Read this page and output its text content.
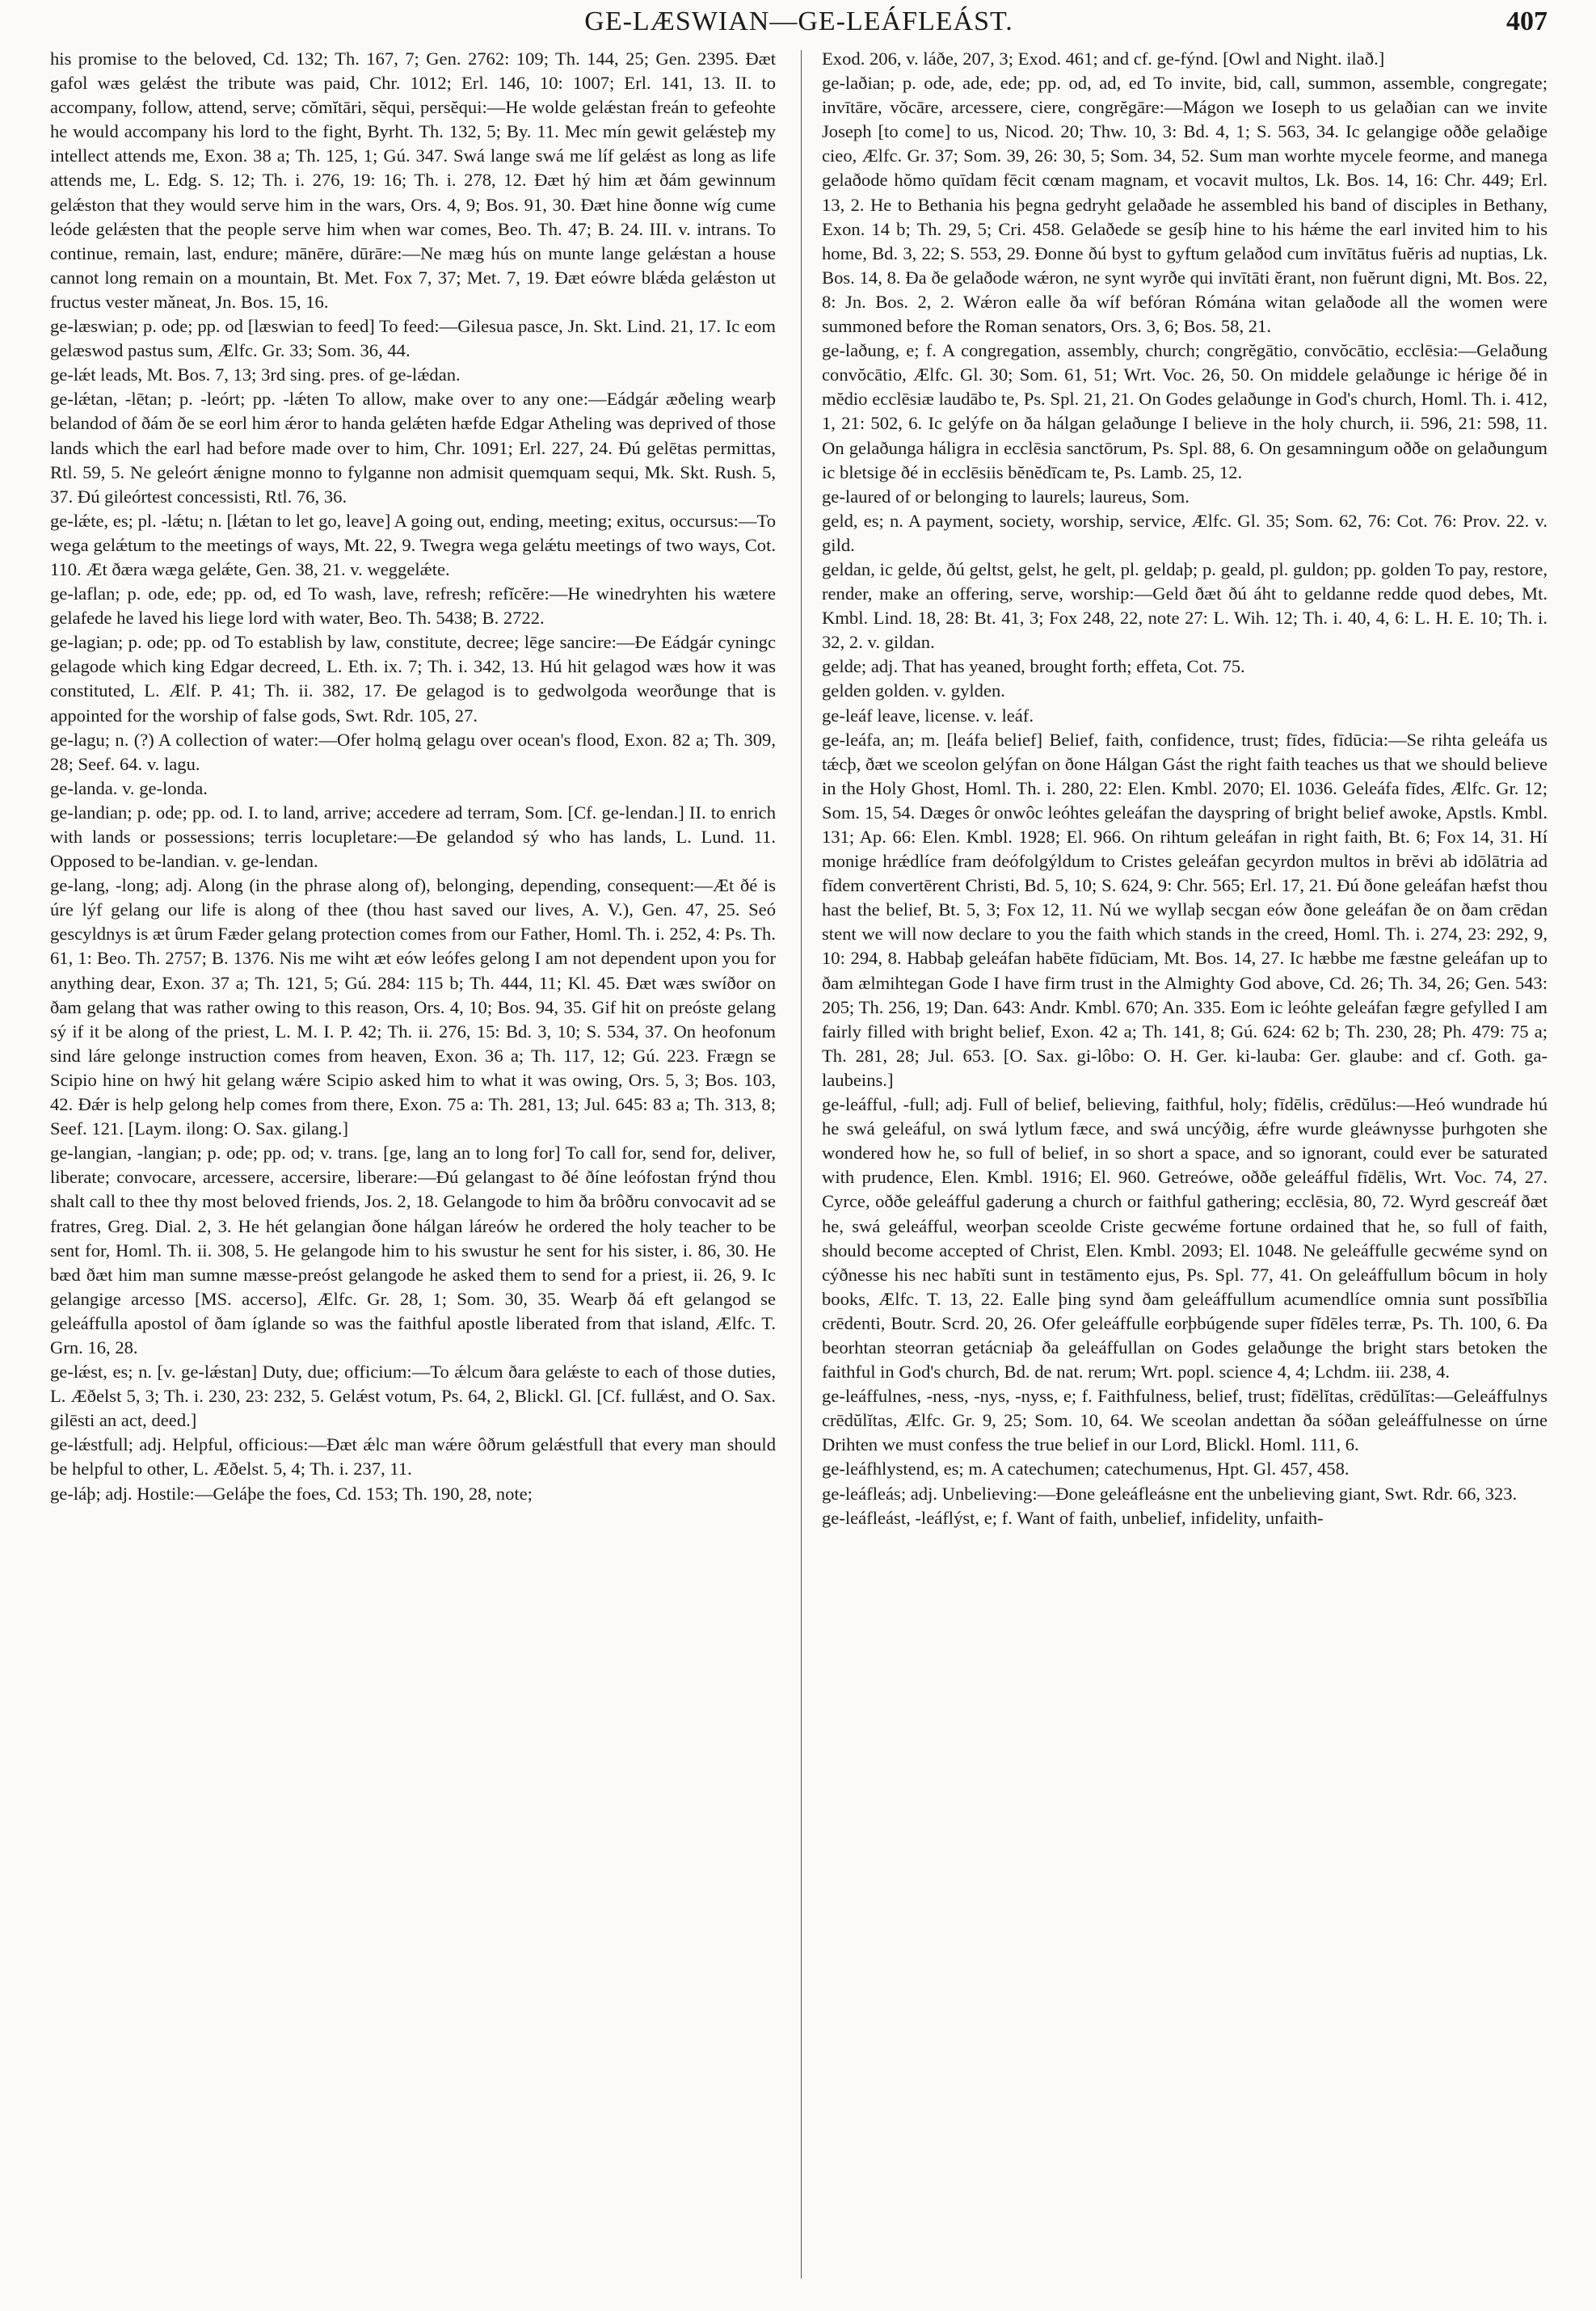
GE-LÆSWIAN—GE-LEÁFLEÁST.	407

his promise to the beloved, Cd. 132; Th. 167, 7; Gen. 2762: 109; Th. 144, 25; Gen. 2395. Ðæt gafol wæs gelǽst the tribute was paid, Chr. 1012; Erl. 146, 10: 1007; Erl. 141, 13. II. to accompany, follow, attend, serve; cŏmĭtāri, sĕqui, persĕqui:—He wolde gelǽstan freán to gefeohte he would accompany his lord to the fight, Byrht. Th. 132, 5; By. 11. Mec mín gewit gelǽsteþ my intellect attends me, Exon. 38 a; Th. 125, 1; Gú. 347. Swá lange swá me líf gelǽst as long as life attends me, L. Edg. S. 12; Th. i. 276, 19: 16; Th. i. 278, 12. Ðæt hý him æt ðám gewinnum gelǽston that they would serve him in the wars, Ors. 4, 9; Bos. 91, 30. Ðæt hine ðonne wíg cume leóde gelǽsten that the people serve him when war comes, Beo. Th. 47; B. 24. III. v. intrans. To continue, remain, last, endure; mānēre, dūrāre:—Ne mæg hús on munte lange gelǽstan a house cannot long remain on a mountain, Bt. Met. Fox 7, 37; Met. 7, 19. Ðæt eówre blǽda gelǽston ut fructus vester mǎneat, Jn. Bos. 15, 16.

ge-læswian; p. ode; pp. od [læswian to feed] To feed:—Gilesua pasce, Jn. Skt. Lind. 21, 17. Ic eom gelæswod pastus sum, Ælfc. Gr. 33; Som. 36, 44.

ge-lǽt leads, Mt. Bos. 7, 13; 3rd sing. pres. of ge-lǽdan.

ge-lǽtan, -lētan; p. -leórt; pp. -lǽten To allow, make over to any one:—Eádgár æðeling wearþ belandod of ðám ðe se eorl him ǽror to handa gelǽten hæfde Edgar Atheling was deprived of those lands which the earl had before made over to him, Chr. 1091; Erl. 227, 24. Ðú gelētas permittas, Rtl. 59, 5. Ne geleórt ǽnigne monno to fylganne non admisit quemquam sequi, Mk. Skt. Rush. 5, 37. Ðú gileórtest concessisti, Rtl. 76, 36.

ge-lǽte, es; pl. -lǽtu; n. [lǽtan to let go, leave] A going out, ending, meeting; exitus, occursus:—To wega gelǽtum to the meetings of ways, Mt. 22, 9. Twegra wega gelǽtu meetings of two ways, Cot. 110. Æt ðæra wæga gelǽte, Gen. 38, 21. v. weggelǽte.

ge-laflan; p. ode, ede; pp. od, ed To wash, lave, refresh; refĭcĕre:—He winedryhten his wætere gelafede he laved his liege lord with water, Beo. Th. 5438; B. 2722.

ge-lagian; p. ode; pp. od To establish by law, constitute, decree; lēge sancire:—Ðe Eádgár cyningc gelagode which king Edgar decreed, L. Eth. ix. 7; Th. i. 342, 13. Hú hit gelagod wæs how it was constituted, L. Ælf. P. 41; Th. ii. 382, 17. Ðe gelagod is to gedwolgoda weorðunge that is appointed for the worship of false gods, Swt. Rdr. 105, 27.

ge-lagu; n. (?) A collection of water:—Ofer holmą gelagu over ocean's flood, Exon. 82 a; Th. 309, 28; Seef. 64. v. lagu.

ge-landa. v. ge-londa.

ge-landian; p. ode; pp. od. I. to land, arrive; accedere ad terram, Som. [Cf. ge-lendan.] II. to enrich with lands or possessions; terris locupletare:—Ðe gelandod sý who has lands, L. Lund. 11. Opposed to be-landian. v. ge-lendan.

ge-lang, -long; adj. Along (in the phrase along of), belonging, depending, consequent:—Æt ðé is úre lýf gelang our life is along of thee (thou hast saved our lives, A. V.), Gen. 47, 25. Seó gescyldnys is æt ûrum Fæder gelang protection comes from our Father, Homl. Th. i. 252, 4: Ps. Th. 61, 1: Beo. Th. 2757; B. 1376. Nis me wiht æt eów leófes gelong I am not dependent upon you for anything dear, Exon. 37 a; Th. 121, 5; Gú. 284: 115 b; Th. 444, 11; Kl. 45. Ðæt wæs swíðor on ðam gelang that was rather owing to this reason, Ors. 4, 10; Bos. 94, 35. Gif hit on preóste gelang sý if it be along of the priest, L. M. I. P. 42; Th. ii. 276, 15: Bd. 3, 10; S. 534, 37. On heofonum sind láre gelonge instruction comes from heaven, Exon. 36 a; Th. 117, 12; Gú. 223. Frægn se Scipio hine on hwý hit gelang wǽre Scipio asked him to what it was owing, Ors. 5, 3; Bos. 103, 42. Ðǽr is help gelong help comes from there, Exon. 75 a: Th. 281, 13; Jul. 645: 83 a; Th. 313, 8; Seef. 121. [Laym. ilong: O. Sax. gilang.]

ge-langian, -langian; p. ode; pp. od; v. trans. [ge, lang an to long for] To call for, send for, deliver, liberate; convocare, arcessere, accersire, liberare:—Ðú gelangast to ðé ðíne leófostan frýnd thou shalt call to thee thy most beloved friends, Jos. 2, 18. Gelangode to him ða brôðru convocavit ad se fratres, Greg. Dial. 2, 3. He hét gelangian ðone hálgan láreów he ordered the holy teacher to be sent for, Homl. Th. ii. 308, 5. He gelangode him to his swustur he sent for his sister, i. 86, 30. He bæd ðæt him man sumne mæsse-preóst gelangode he asked them to send for a priest, ii. 26, 9. Ic gelangige arcesso [MS. accerso], Ælfc. Gr. 28, 1; Som. 30, 35. Wearþ ðá eft gelangod se geleáffulla apostol of ðam íglande so was the faithful apostle liberated from that island, Ælfc. T. Grn. 16, 28.

ge-lǽst, es; n. [v. ge-lǽstan] Duty, due; officium:—To ǽlcum ðara gelǽste to each of those duties, L. Æðelst 5, 3; Th. i. 230, 23: 232, 5. Gelǽst votum, Ps. 64, 2, Blickl. Gl. [Cf. fullǽst, and O. Sax. gilēsti an act, deed.]

ge-lǽstfull; adj. Helpful, officious:—Ðæt ǽlc man wǽre ôðrum gelǽstfull that every man should be helpful to other, L. Æðelst. 5, 4; Th. i. 237, 11.

ge-láþ; adj. Hostile:—Geláþe the foes, Cd. 153; Th. 190, 28, note;

Exod. 206, v. láðe, 207, 3; Exod. 461; and cf. ge-fýnd. [Owl and Night. ilað.]

ge-laðian; p. ode, ade, ede; pp. od, ad, ed To invite, bid, call, summon, assemble, congregate; invītāre, vŏcāre, arcessere, ciere, congrĕgāre:—Mágon we Ioseph to us gelaðian can we invite Joseph [to come] to us, Nicod. 20; Thw. 10, 3: Bd. 4, 1; S. 563, 34. Ic gelangige oððe gelaðige cieo, Ælfc. Gr. 37; Som. 39, 26: 30, 5; Som. 34, 52. Sum man worhte mycele feorme, and manega gelaðode hŏmo quīdam fēcit cœnam magnam, et vocavit multos, Lk. Bos. 14, 16: Chr. 449; Erl. 13, 2. He to Bethania his þegna gedryht gelaðade he assembled his band of disciples in Bethany, Exon. 14 b; Th. 29, 5; Cri. 458. Gelaðede se gesíþ hine to his hǽme the earl invited him to his home, Bd. 3, 22; S. 553, 29. Ðonne ðú byst to gyftum gelaðod cum invītātus fuĕris ad nuptias, Lk. Bos. 14, 8. Ða ðe gelaðode wǽron, ne synt wyrðe qui invītāti ĕrant, non fuĕrunt digni, Mt. Bos. 22, 8: Jn. Bos. 2, 2. Wǽron ealle ða wíf befóran Rómána witan gelaðode all the women were summoned before the Roman senators, Ors. 3, 6; Bos. 58, 21.

ge-laðung, e; f. A congregation, assembly, church; congrĕgātio, convŏcātio, ecclēsia:—Gelaðung convŏcātio, Ælfc. Gl. 30; Som. 61, 51; Wrt. Voc. 26, 50. On middele gelaðunge ic hérige ðé in mĕdio ecclēsiæ laudābo te, Ps. Spl. 21, 21. On Godes gelaðunge in God's church, Homl. Th. i. 412, 1, 21: 502, 6. Ic gelýfe on ða hálgan gelaðunge I believe in the holy church, ii. 596, 21: 598, 11. On gelaðunga háligra in ecclēsia sanctōrum, Ps. Spl. 88, 6. On gesamningum oððe on gelaðungum ic bletsige ðé in ecclēsiis bĕnĕdīcam te, Ps. Lamb. 25, 12.

ge-laured of or belonging to laurels; laureus, Som.

geld, es; n. A payment, society, worship, service, Ælfc. Gl. 35; Som. 62, 76: Cot. 76: Prov. 22. v. gild.

geldan, ic gelde, ðú geltst, gelst, he gelt, pl. geldaþ; p. geald, pl. guldon; pp. golden To pay, restore, render, make an offering, serve, worship:—Geld ðæt ðú áht to geldanne redde quod debes, Mt. Kmbl. Lind. 18, 28: Bt. 41, 3; Fox 248, 22, note 27: L. Wih. 12; Th. i. 40, 4, 6: L. H. E. 10; Th. i. 32, 2. v. gildan.

gelde; adj. That has yeaned, brought forth; effeta, Cot. 75.

gelden golden. v. gylden.

ge-leáf leave, license. v. leáf.

ge-leáfa, an; m. [leáfa belief] Belief, faith, confidence, trust; fīdes, fīdūcia:—Se rihta geleáfa us tǽcþ, ðæt we sceolon gelýfan on ðone Hálgan Gást the right faith teaches us that we should believe in the Holy Ghost, Homl. Th. i. 280, 22: Elen. Kmbl. 2070; El. 1036. Geleáfa fīdes, Ælfc. Gr. 12; Som. 15, 54. Dæges ôr onwôc leóhtes geleáfan the dayspring of bright belief awoke, Apstls. Kmbl. 131; Ap. 66: Elen. Kmbl. 1928; El. 966. On rihtum geleáfan in right faith, Bt. 6; Fox 14, 31. Hí monige hrǽdlíce fram deófolgýldum to Cristes geleáfan gecyrdon multos in brĕvi ab idōlātria ad fīdem convertērent Christi, Bd. 5, 10; S. 624, 9: Chr. 565; Erl. 17, 21. Ðú ðone geleáfan hæfst thou hast the belief, Bt. 5, 3; Fox 12, 11. Nú we wyllaþ secgan eów ðone geleáfan ðe on ðam crēdan stent we will now declare to you the faith which stands in the creed, Homl. Th. i. 274, 23: 292, 9, 10: 294, 8. Habbaþ geleáfan habēte fīdūciam, Mt. Bos. 14, 27. Ic hæbbe me fæstne geleáfan up to ðam ælmihtegan Gode I have firm trust in the Almighty God above, Cd. 26; Th. 34, 26; Gen. 543: 205; Th. 256, 19; Dan. 643: Andr. Kmbl. 670; An. 335. Eom ic leóhte geleáfan fægre gefylled I am fairly filled with bright belief, Exon. 42 a; Th. 141, 8; Gú. 624: 62 b; Th. 230, 28; Ph. 479: 75 a; Th. 281, 28; Jul. 653. [O. Sax. gi-lôbo: O. H. Ger. ki-lauba: Ger. glaube: and cf. Goth. ga-laubeins.]

ge-leáfful, -full; adj. Full of belief, believing, faithful, holy; fīdēlis, crēdŭlus:—Heó wundrade hú he swá geleáful, on swá lytlum fæce, and swá uncýðig, ǽfre wurde gleáwnysse þurhgoten she wondered how he, so full of belief, in so short a space, and so ignorant, could ever be saturated with prudence, Elen. Kmbl. 1916; El. 960. Getreówe, oððe geleáfful fīdēlis, Wrt. Voc. 74, 27. Cyrce, oððe geleáfful gaderung a church or faithful gathering; ecclēsia, 80, 72. Wyrd gescreáf ðæt he, swá geleáfful, weorþan sceolde Criste gecwéme fortune ordained that he, so full of faith, should become accepted of Christ, Elen. Kmbl. 2093; El. 1048. Ne geleáffulle gecwéme synd on cýðnesse his nec habĭti sunt in testāmento ejus, Ps. Spl. 77, 41. On geleáffullum bôcum in holy books, Ælfc. T. 13, 22. Ealle þing synd ðam geleáffullum acumendlíce omnia sunt possĭbĭlia crēdenti, Boutr. Scrd. 20, 26. Ofer geleáffulle eorþbúgende super fĭdēles terræ, Ps. Th. 100, 6. Ða beorhtan steorran getácniaþ ða geleáffullan on Godes gelaðunge the bright stars betoken the faithful in God's church, Bd. de nat. rerum; Wrt. popl. science 4, 4; Lchdm. iii. 238, 4.

ge-leáffulnes, -ness, -nys, -nyss, e; f. Faithfulness, belief, trust; fīdēlĭtas, crēdŭlĭtas:—Geleáffulnys crēdŭlĭtas, Ælfc. Gr. 9, 25; Som. 10, 64. We sceolan andettan ða sóðan geleáffulnesse on úrne Drihten we must confess the true belief in our Lord, Blickl. Homl. 111, 6.

ge-leáfhlystend, es; m. A catechumen; catechumenus, Hpt. Gl. 457, 458.

ge-leáfleás; adj. Unbelieving:—Ðone geleáfleásne ent the unbelieving giant, Swt. Rdr. 66, 323.

ge-leáfleást, -leáflýst, e; f. Want of faith, unbelief, infidelity, unfaith-
